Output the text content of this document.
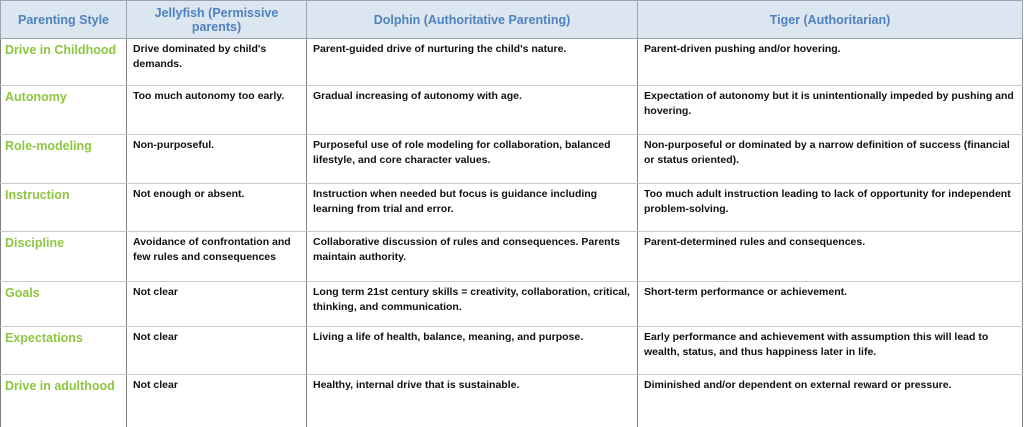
Parenting Style	Jellyfish (Permissive parents)	Dolphin (Authoritative Parenting)	Tiger (Authoritarian)
Drive in Childhood	Drive dominated by child's demands.	Parent-guided drive of nurturing the child's nature.	Parent-driven pushing and/or hovering.
Autonomy	Too much autonomy too early.	Gradual increasing of autonomy with age.	Expectation of autonomy but it is unintentionally impeded by pushing and hovering.
Role-modeling	Non-purposeful.	Purposeful use of role modeling for collaboration, balanced lifestyle, and core character values.	Non-purposeful or dominated by a narrow definition of success (financial or status oriented).
Instruction	Not enough or absent.	Instruction when needed but focus is guidance including learning from trial and error.	Too much adult instruction leading to lack of opportunity for independent problem-solving.
Discipline	Avoidance of confrontation and few rules and consequences	Collaborative discussion of rules and consequences. Parents maintain authority.	Parent-determined rules and consequences.
Goals	Not clear	Long term 21st century skills = creativity, collaboration, critical, thinking, and communication.	Short-term performance or achievement.
Expectations	Not clear	Living a life of health, balance, meaning, and purpose.	Early performance and achievement with assumption this will lead to wealth, status, and thus happiness later in life.
Drive in adulthood	Not clear	Healthy, internal drive that is sustainable.	Diminished and/or dependent on external reward or pressure.
